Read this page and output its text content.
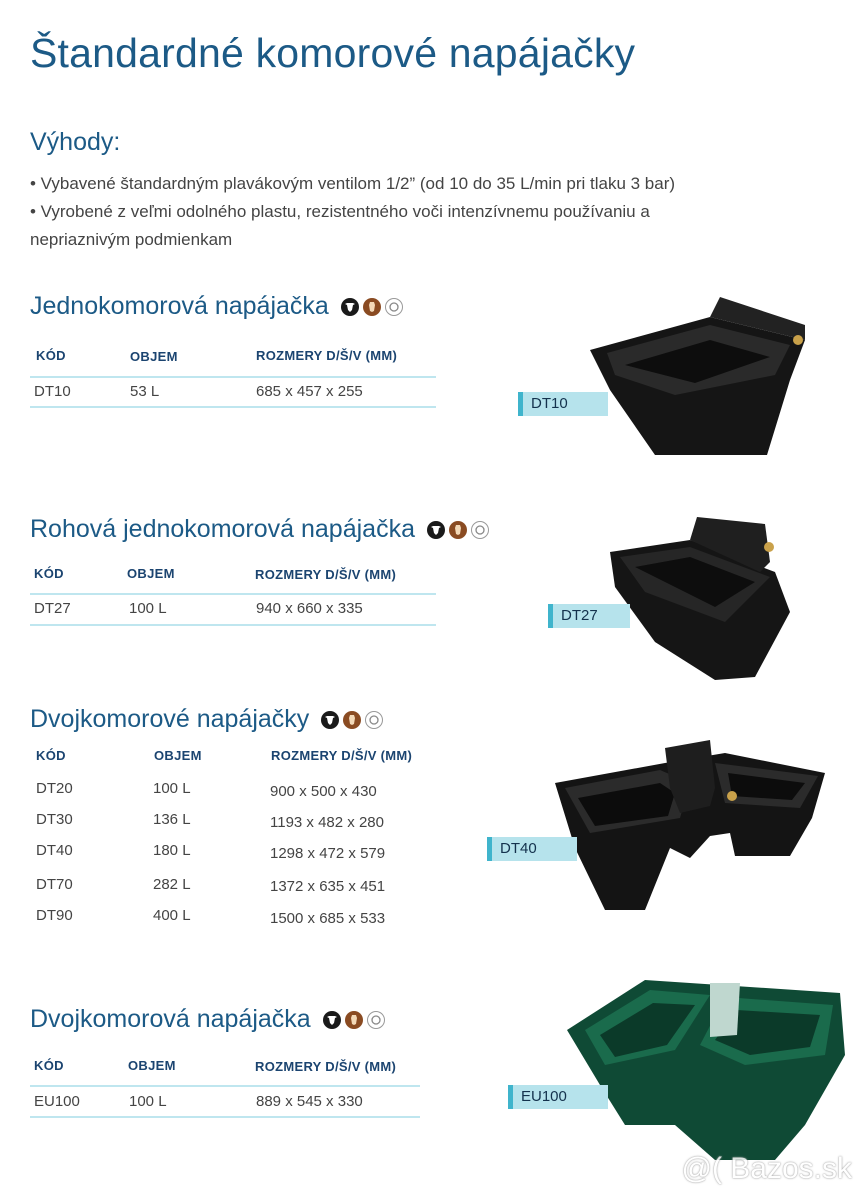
Štandardné komorové napájačky
Výhody:
• Vybavené štandardným plavákovým ventilom 1/2” (od 10 do 35 L/min pri tlaku 3 bar)
• Vyrobené z veľmi odolného plastu, rezistentného voči intenzívnemu používaniu a
nepriaznivým podmienkam
Jednokomorová napájačka
KÓD	OBJEM	ROZMERY D/Š/V (MM)
DT10	53 L	685 x 457 x 255
DT10
Rohová jednokomorová napájačka
KÓD	OBJEM	ROZMERY D/Š/V (MM)
DT27	100 L	940 x 660 x 335	DT27
Dvojkomorové napájačky
KÓD	OBJEM	ROZMERY D/Š/V (MM)
DT20	100 L	900 x 500 x 430
DT30	136 L	1193 x 482 x 280
DT40	180 L	1298 x 472 x 579
DT70	282 L	1372 x 635 x 451
DT90	400 L	1500 x 685 x 533
DT40
Dvojkomorová napájačka
KÓD	OBJEM	ROZMERY D/Š/V (MM)
EU100	100 L	889 x 545 x 330	EU100
@( Bazos.sk
